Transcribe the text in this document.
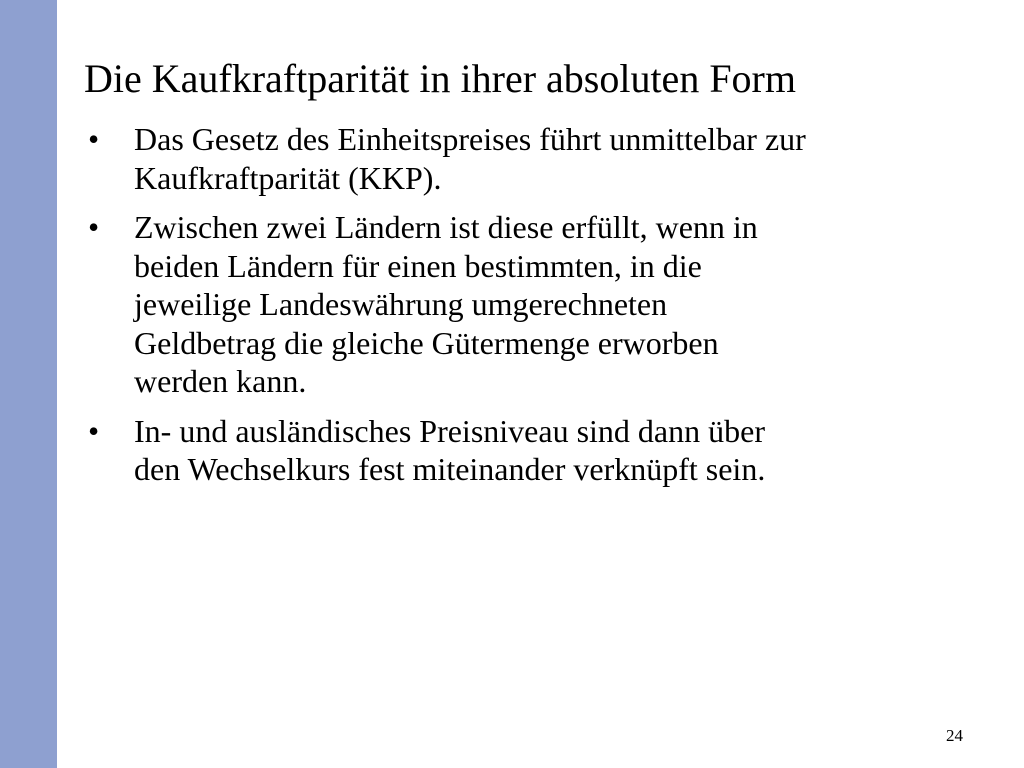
Die Kaufkraftparität in ihrer absoluten Form
•	Das Gesetz des Einheitspreises führt unmittelbar zur
Kaufkraftparität (KKP).
•	Zwischen zwei Ländern ist diese erfüllt, wenn in
beiden Ländern für einen bestimmten, in die
jeweilige Landeswährung umgerechneten
Geldbetrag die gleiche Gütermenge erworben
werden kann.
•	In- und ausländisches Preisniveau sind dann über
den Wechselkurs fest miteinander verknüpft sein.
24
